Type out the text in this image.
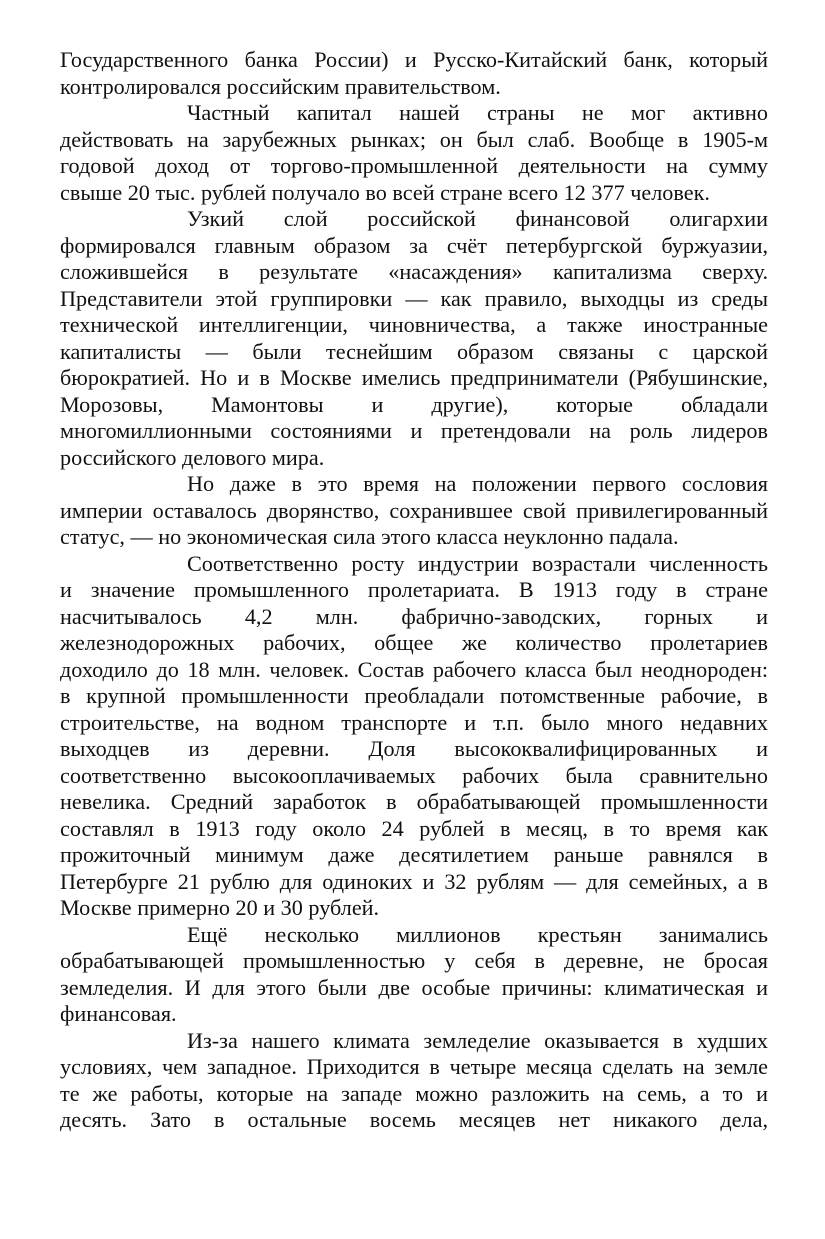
Государственного банка России) и Русско-Китайский банк, который
контролировался российским правительством.
Частный капитал нашей страны не мог активно
действовать на зарубежных рынках; он был слаб. Вообще в 1905-м
годовой доход от торгово-промышленной деятельности на сумму
свыше 20 тыс. рублей получало во всей стране всего 12 377 человек.
Узкий слой российской финансовой олигархии
формировался главным образом за счёт петербургской буржуазии,
сложившейся в результате «насаждения» капитализма сверху.
Представители этой группировки — как правило, выходцы из среды
технической интеллигенции, чиновничества, а также иностранные
капиталисты — были теснейшим образом связаны с царской
бюрократией. Но и в Москве имелись предприниматели (Рябушинские,
Морозовы, Мамонтовы и другие), которые обладали
многомиллионными состояниями и претендовали на роль лидеров
российского делового мира.
Но даже в это время на положении первого сословия
империи оставалось дворянство, сохранившее свой привилегированный
статус, — но экономическая сила этого класса неуклонно падала.
Соответственно росту индустрии возрастали численность
и значение промышленного пролетариата. В 1913 году в стране
насчитывалось 4,2 млн. фабрично-заводских, горных и
железнодорожных рабочих, общее же количество пролетариев
доходило до 18 млн. человек. Состав рабочего класса был неоднороден:
в крупной промышленности преобладали потомственные рабочие, в
строительстве, на водном транспорте и т.п. было много недавних
выходцев из деревни. Доля высококвалифицированных и
соответственно высокооплачиваемых рабочих была сравнительно
невелика. Средний заработок в обрабатывающей промышленности
составлял в 1913 году около 24 рублей в месяц, в то время как
прожиточный минимум даже десятилетием раньше равнялся в
Петербурге 21 рублю для одиноких и 32 рублям — для семейных, а в
Москве примерно 20 и 30 рублей.
Ещё несколько миллионов крестьян занимались
обрабатывающей промышленностью у себя в деревне, не бросая
земледелия. И для этого были две особые причины: климатическая и
финансовая.
Из-за нашего климата земледелие оказывается в худших
условиях, чем западное. Приходится в четыре месяца сделать на земле
те же работы, которые на западе можно разложить на семь, а то и
десять. Зато в остальные восемь месяцев нет никакого дела,
